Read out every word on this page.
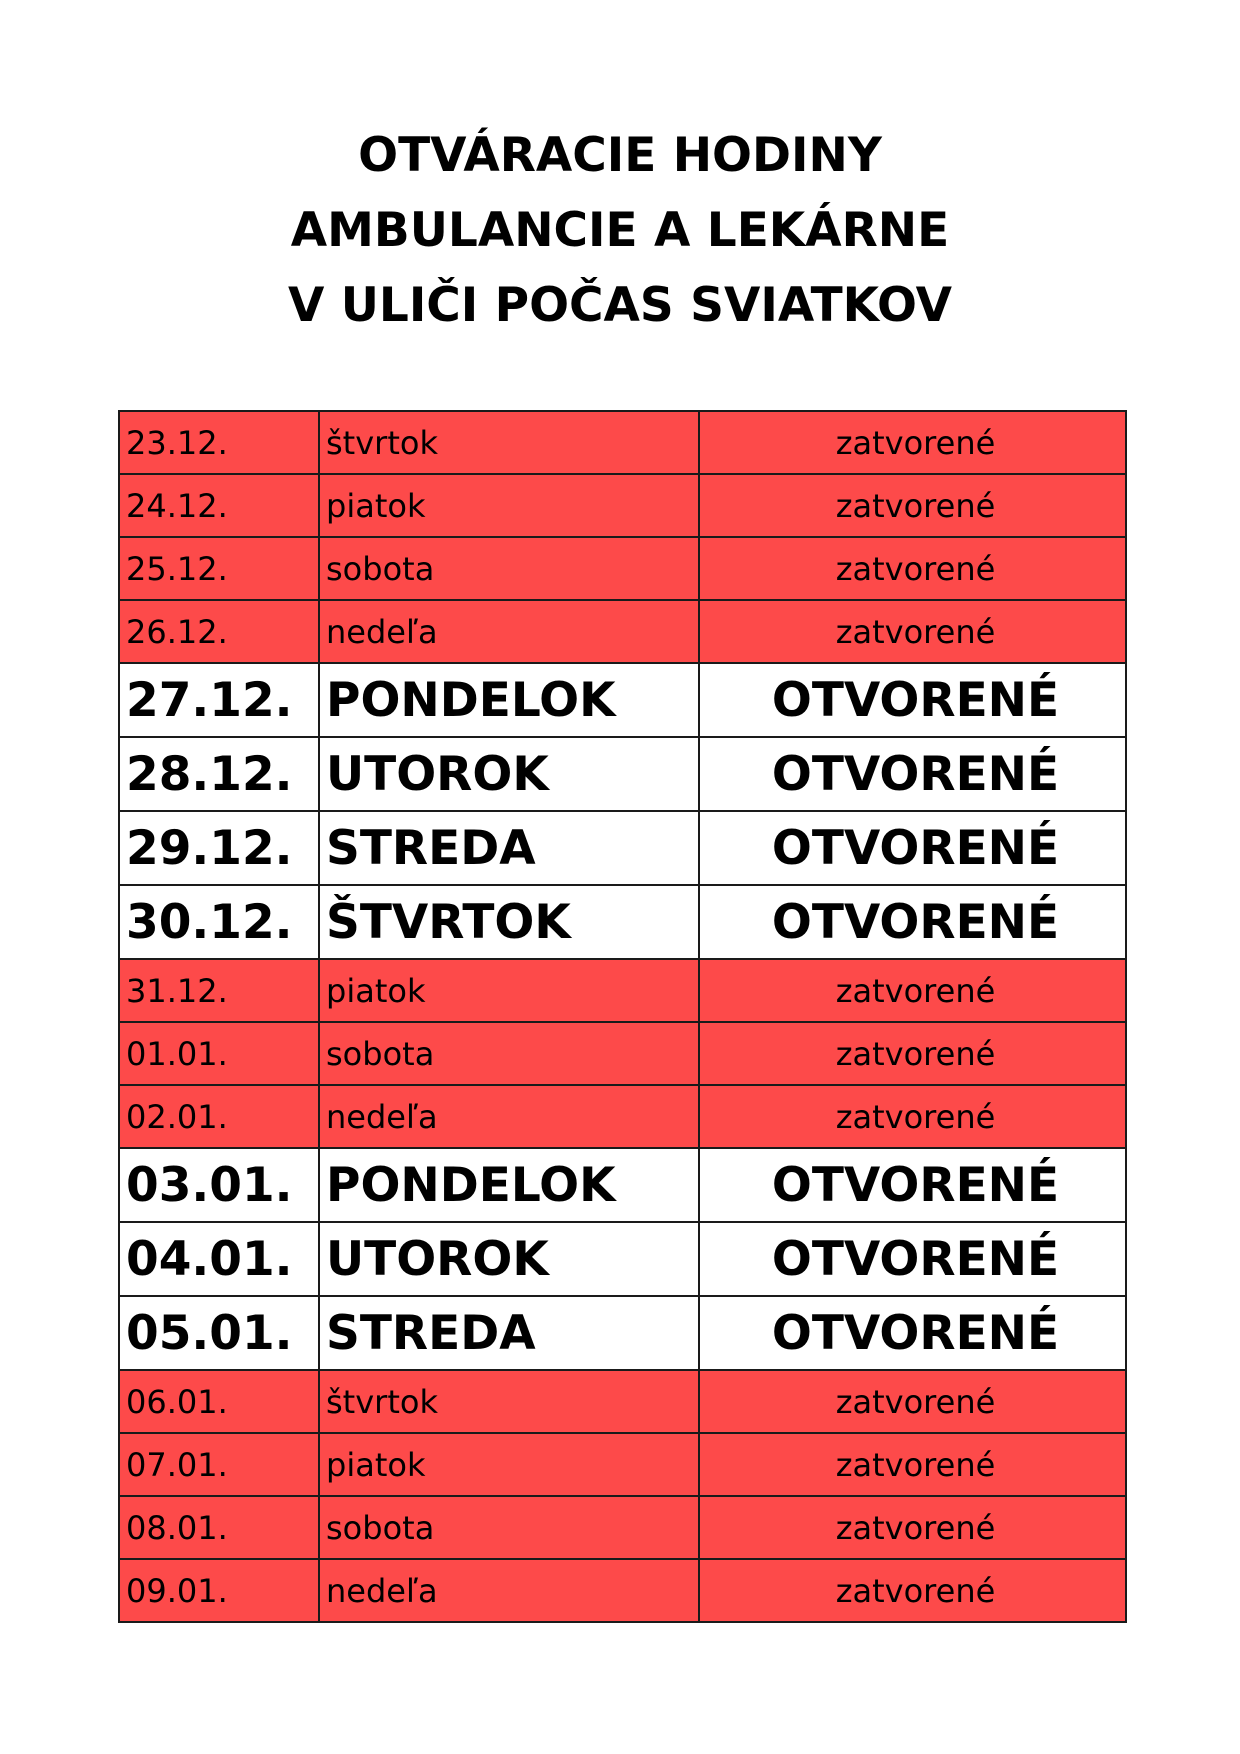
OTVÁRACIE HODINY
AMBULANCIE A LEKÁRNE
V ULIČI POČAS SVIATKOV
23.12.	štvrtok	zatvorené
24.12.	piatok	zatvorené
25.12.	sobota	zatvorené
26.12.	nedeľa	zatvorené
27.12.	PONDELOK	OTVORENÉ
28.12.	UTOROK	OTVORENÉ
29.12.	STREDA	OTVORENÉ
30.12.	ŠTVRTOK	OTVORENÉ
31.12.	piatok	zatvorené
01.01.	sobota	zatvorené
02.01.	nedeľa	zatvorené
03.01.	PONDELOK	OTVORENÉ
04.01.	UTOROK	OTVORENÉ
05.01.	STREDA	OTVORENÉ
06.01.	štvrtok	zatvorené
07.01.	piatok	zatvorené
08.01.	sobota	zatvorené
09.01.	nedeľa	zatvorené
